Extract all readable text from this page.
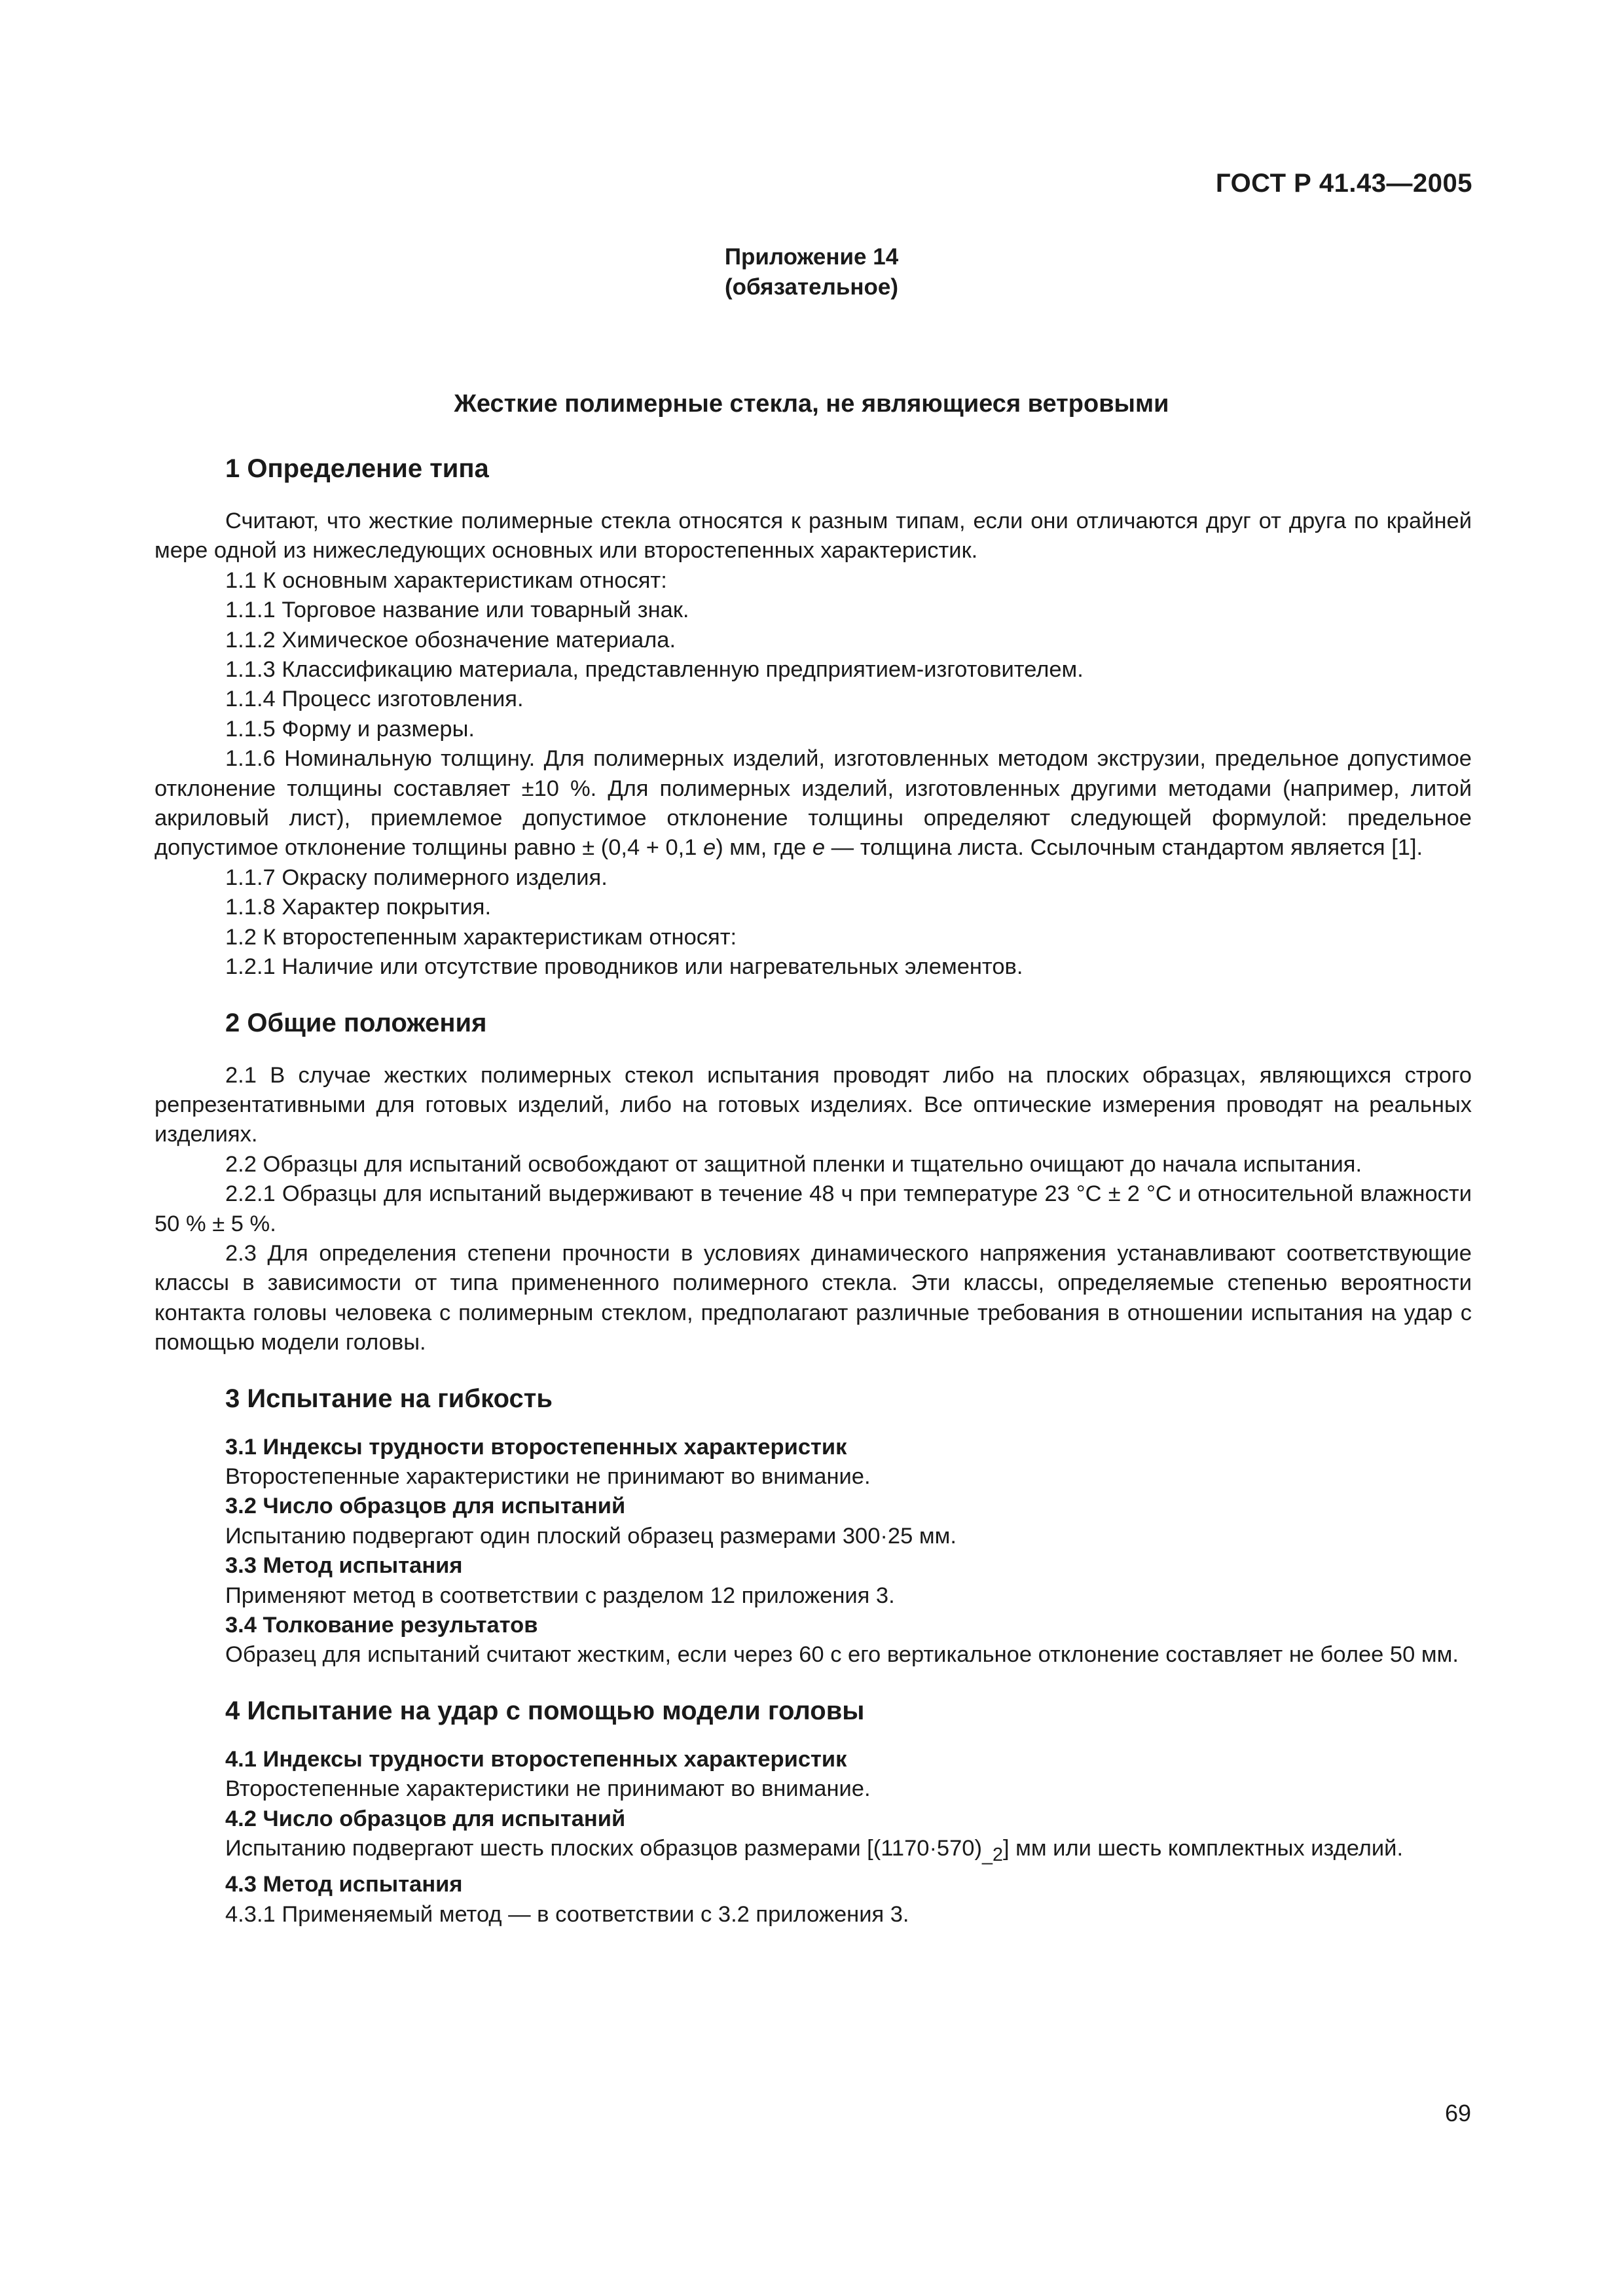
ГОСТ Р 41.43—2005
Приложение 14
(обязательное)
Жесткие полимерные стекла, не являющиеся ветровыми

1 Определение типа

Считают, что жесткие полимерные стекла относятся к разным типам, если они отличаются друг от друга по крайней мере одной из нижеследующих основных или второстепенных характеристик.

1.1 К основным характеристикам относят:

1.1.1 Торговое название или товарный знак.

1.1.2 Химическое обозначение материала.

1.1.3 Классификацию материала, представленную предприятием-изготовителем.

1.1.4 Процесс изготовления.

1.1.5 Форму и размеры.

1.1.6 Номинальную толщину. Для полимерных изделий, изготовленных методом экструзии, предельное допустимое отклонение толщины составляет ±10 %. Для полимерных изделий, изготовленных другими методами (например, литой акриловый лист), приемлемое допустимое отклонение толщины определяют следующей формулой: предельное допустимое отклонение толщины равно ± (0,4 + 0,1 е) мм, где е — толщина листа. Ссылочным стандартом является [1].

1.1.7 Окраску полимерного изделия.

1.1.8 Характер покрытия.

1.2 К второстепенным характеристикам относят:

1.2.1 Наличие или отсутствие проводников или нагревательных элементов.

2 Общие положения

2.1 В случае жестких полимерных стекол испытания проводят либо на плоских образцах, являющихся строго репрезентативными для готовых изделий, либо на готовых изделиях. Все оптические измерения проводят на реальных изделиях.

2.2 Образцы для испытаний освобождают от защитной пленки и тщательно очищают до начала испытания.

2.2.1 Образцы для испытаний выдерживают в течение 48 ч при температуре 23 °С ± 2 °С и относительной влажности 50 % ± 5 %.

2.3 Для определения степени прочности в условиях динамического напряжения устанавливают соответствующие классы в зависимости от типа примененного полимерного стекла. Эти классы, определяемые степенью вероятности контакта головы человека с полимерным стеклом, предполагают различные требования в отношении испытания на удар с помощью модели головы.

3 Испытание на гибкость

3.1 Индексы трудности второстепенных характеристик

Второстепенные характеристики не принимают во внимание.

3.2 Число образцов для испытаний

Испытанию подвергают один плоский образец размерами 300·25 мм.

3.3 Метод испытания

Применяют метод в соответствии с разделом 12 приложения 3.

3.4 Толкование результатов

Образец для испытаний считают жестким, если через 60 с его вертикальное отклонение составляет не более 50 мм.

4 Испытание на удар с помощью модели головы

4.1 Индексы трудности второстепенных характеристик

Второстепенные характеристики не принимают во внимание.

4.2 Число образцов для испытаний

Испытанию подвергают шесть плоских образцов размерами $[(1170\cdot 570)_{\_2}]$ мм или шесть комплектных изделий.

4.3 Метод испытания

4.3.1 Применяемый метод — в соответствии с 3.2 приложения 3.

69
